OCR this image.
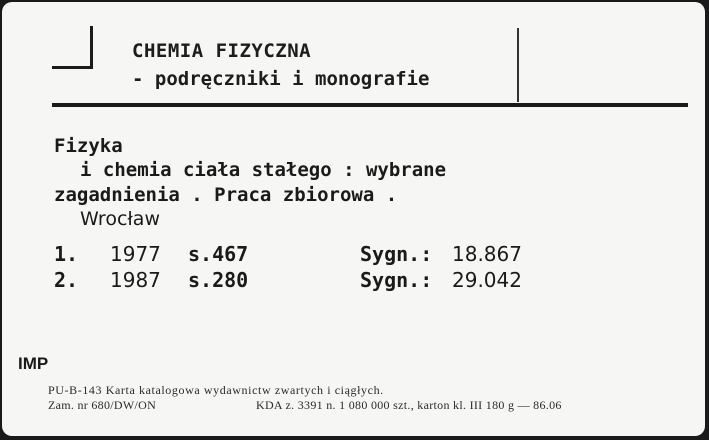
CHEMIA FIZYCZNA
- podręczniki i monografie
Fizyka
i chemia ciała stałego : wybrane
zagadnienia . Praca zbiorowa .
Wrocław
1.	1977	s.467	Sygn.: 18.867
2.	1987	s.280	Sygn.: 29.042
IMP
PU-B-143 Karta katalogowa wydawnictw zwartych i ciągłych.
Zam. nr 680/DW/ON	KDA z. 3391 n. 1 080 000 szt., karton kl. III 180 g — 86.06
